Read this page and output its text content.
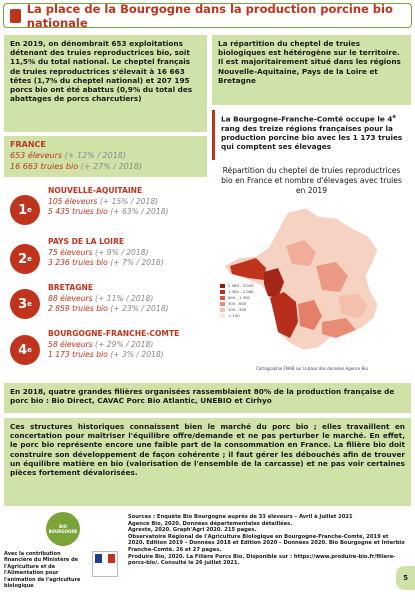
La place de la Bourgogne dans la production porcine bio nationale
En 2019, on dénombrait 653 exploitations détenant des truies reproductrices bio, soit 11,5% du total national. Le cheptel français de truies reproductrices s'élevait à 16 663 têtes (1,7% du cheptel national) et 207 195 porcs bio ont été abattus (0,9% du total des abattages de porcs charcutiers)
La répartition du cheptel de truies biologiques est hétérogène sur le territoire. Il est majoritairement situé dans les régions Nouvelle-Aquitaine, Pays de la Loire et Bretagne
La Bourgogne-Franche-Comté occupe le 4e rang des treize régions françaises pour la production porcine bio avec les 1 173 truies qui comptent ses élevages
FRANCE
653 éleveurs (+ 12% / 2018)
16 663 truies bio (+ 27% / 2018)
1 e
NOUVELLE-AQUITAINE
105 éleveurs (+ 15% / 2018)
5 435 truies bio (+ 63% / 2018)
2 e
PAYS DE LA LOIRE
75 éleveurs (+ 9% / 2018)
3 236 truies bio (+ 7% / 2018)
3 e
BRETAGNE
88 éleveurs (+ 11% / 2018)
2 859 truies bio (+ 23% / 2018)
4 e
BOURGOGNE-FRANCHE-COMTE
58 éleveurs (+ 29% / 2018)
1 173 truies bio (+ 3% / 2018)
Répartition du cheptel de truies reproductrices bio en France et nombre d'élevages avec truies en 2019
2 060 - 3 000
1 300 - 2 060
600 - 1 300
300 - 600
100 - 300
< 100
Cartographie FNAB sur la base des données Agence Bio
En 2018, quatre grandes filières organisées rassemblaient 80% de la production française de porc bio : Bio Direct, CAVAC Porc Bio Atlantic, UNEBIO et Cirhyo
Ces structures historiques connaissent bien le marché du porc bio ; elles travaillent en concertation pour maîtriser l'équilibre offre/demande et ne pas perturber le marché. En effet, le porc bio représente encore une faible part de la consommation en France. La filière bio doit construire son développement de façon cohérente ; il faut gérer les débouchés afin de trouver un équilibre matière en bio (valorisation de l'ensemble de la carcasse) et ne pas voir certaines pièces fortement dévalorisées.
BIO BOURGOGNE
Avec la contribution financière du Ministère de l'Agriculture et de l'Alimentation pour l'animation de l'agriculture biologique
Sources : Enquête Bio Bourgogne auprès de 33 éleveurs – Avril à Juillet 2021
Agence Bio, 2020. Données départementales détaillées.
Agreste, 2020. Graph'Agri 2020. 215 pages.
Observatoire Régional de l'Agriculture Biologique en Bourgogne-Franche-Comté, 2019 et 2020. Edition 2019 – Données 2018 et Edition 2020 – Données 2020. Bio Bourgogne et Interbio Franche-Comté. 26 et 27 pages.
Produire Bio, 2020. La Filière Porcs Bio. Disponible sur : https://www.produire-bio.fr/filiere-porcs-bio/. Consulté le 26 juillet 2021.
5
